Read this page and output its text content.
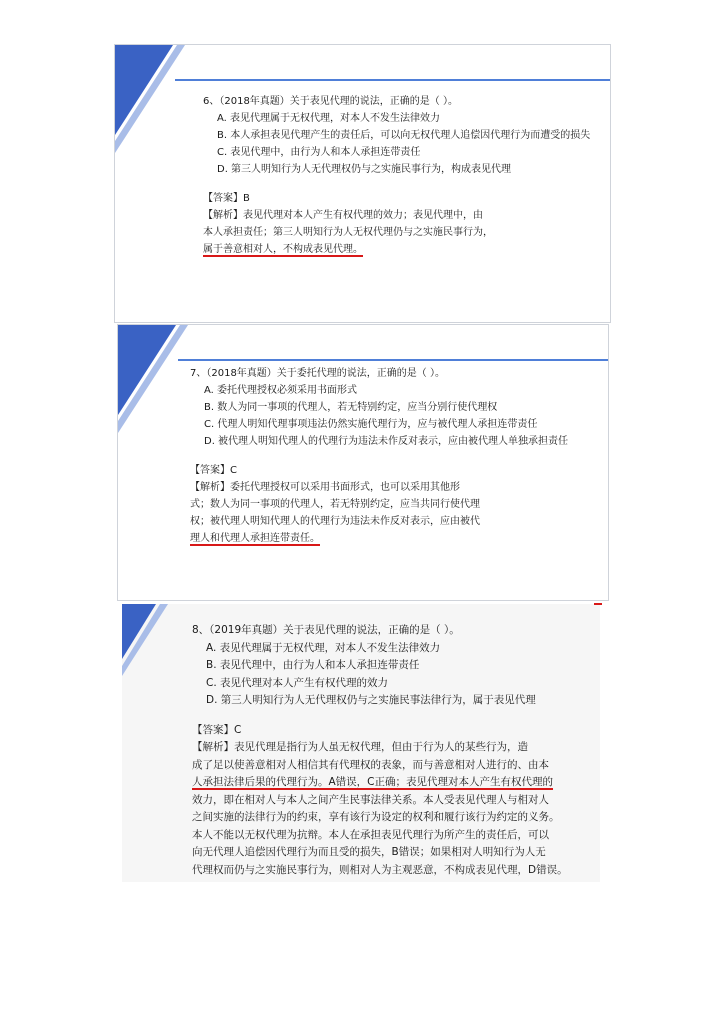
6、（2018年真题）关于表见代理的说法，正确的是（ ）。
A. 表见代理属于无权代理，对本人不发生法律效力
B. 本人承担表见代理产生的责任后，可以向无权代理人追偿因代理行为而遭受的损失
C. 表见代理中，由行为人和本人承担连带责任
D. 第三人明知行为人无代理权仍与之实施民事行为，构成表见代理
【答案】B
【解析】表见代理对本人产生有权代理的效力；表见代理中，由
本人承担责任；第三人明知行为人无权代理仍与之实施民事行为，
属于善意相对人，不构成表见代理。
7、（2018年真题）关于委托代理的说法，正确的是（ ）。
A. 委托代理授权必须采用书面形式
B. 数人为同一事项的代理人，若无特别约定，应当分别行使代理权
C. 代理人明知代理事项违法仍然实施代理行为，应与被代理人承担连带责任
D. 被代理人明知代理人的代理行为违法未作反对表示，应由被代理人单独承担责任
【答案】C
【解析】委托代理授权可以采用书面形式，也可以采用其他形
式；数人为同一事项的代理人，若无特别约定，应当共同行使代理
权；被代理人明知代理人的代理行为违法未作反对表示，应由被代
理人和代理人承担连带责任。
8、（2019年真题）关于表见代理的说法，正确的是（ ）。
A. 表见代理属于无权代理，对本人不发生法律效力
B. 表见代理中，由行为人和本人承担连带责任
C. 表见代理对本人产生有权代理的效力
D. 第三人明知行为人无代理权仍与之实施民事法律行为，属于表见代理
【答案】C
【解析】表见代理是指行为人虽无权代理，但由于行为人的某些行为，造
成了足以使善意相对人相信其有代理权的表象，而与善意相对人进行的、由本
人承担法律后果的代理行为。A错误，C正确；表见代理对本人产生有权代理的
效力，即在相对人与本人之间产生民事法律关系。本人受表见代理人与相对人
之间实施的法律行为的约束，享有该行为设定的权利和履行该行为约定的义务。
本人不能以无权代理为抗辩。本人在承担表见代理行为所产生的责任后，可以
向无代理人追偿因代理行为而且受的损失，B错误；如果相对人明知行为人无
代理权而仍与之实施民事行为，则相对人为主观恶意，不构成表见代理，D错误。
